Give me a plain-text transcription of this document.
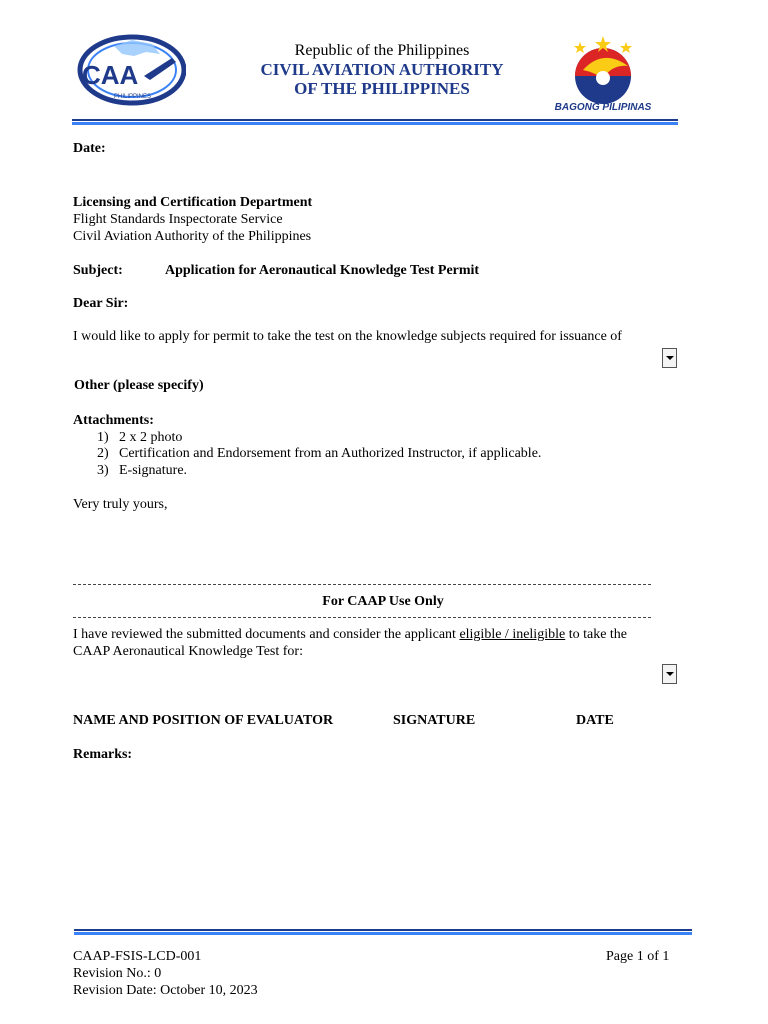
CAA
PHILIPPINES
Republic of the Philippines
CIVIL AVIATION AUTHORITY
OF THE PHILIPPINES
BAGONG PILIPINAS
Date:
Licensing and Certification Department
Flight Standards Inspectorate Service
Civil Aviation Authority of the Philippines
Subject:	Application for Aeronautical Knowledge Test Permit
Dear Sir:
I would like to apply for permit to take the test on the knowledge subjects required for issuance of
Other (please specify)
Attachments:
1) 2 x 2 photo
2) Certification and Endorsement from an Authorized Instructor, if applicable.
3) E-signature.
Very truly yours,
For CAAP Use Only
I have reviewed the submitted documents and consider the applicant eligible / ineligible to take the
CAAP Aeronautical Knowledge Test for:
NAME AND POSITION OF EVALUATOR	SIGNATURE	DATE
Remarks:
CAAP-FSIS-LCD-001
Revision No.: 0
Revision Date: October 10, 2023
Page 1 of 1
